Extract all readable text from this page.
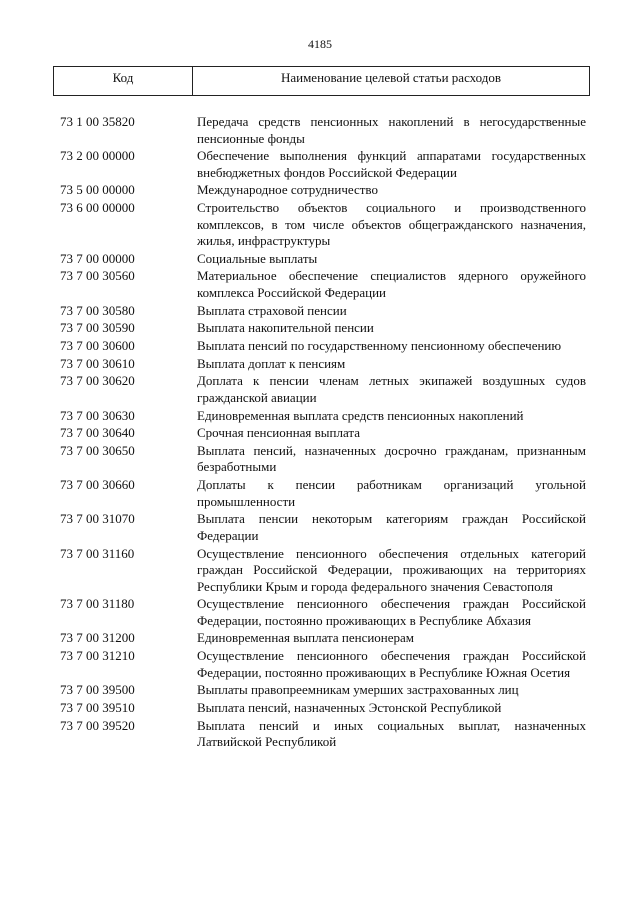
4185
Код	Наименование целевой статьи расходов
73 1 00 35820	Передача средств пенсионных накоплений в негосударственные пенсионные фонды
73 2 00 00000	Обеспечение выполнения функций аппаратами государственных внебюджетных фондов Российской Федерации
73 5 00 00000	Международное сотрудничество
73 6 00 00000	Строительство объектов социального и производственного комплексов, в том числе объектов общегражданского назначения, жилья, инфраструктуры
73 7 00 00000	Социальные выплаты
73 7 00 30560	Материальное обеспечение специалистов ядерного оружейного комплекса Российской Федерации
73 7 00 30580	Выплата страховой пенсии
73 7 00 30590	Выплата накопительной пенсии
73 7 00 30600	Выплата пенсий по государственному пенсионному обеспечению
73 7 00 30610	Выплата доплат к пенсиям
73 7 00 30620	Доплата к пенсии членам летных экипажей воздушных судов гражданской авиации
73 7 00 30630	Единовременная выплата средств пенсионных накоплений
73 7 00 30640	Срочная пенсионная выплата
73 7 00 30650	Выплата пенсий, назначенных досрочно гражданам, признанным безработными
73 7 00 30660	Доплаты к пенсии работникам организаций угольной промышленности
73 7 00 31070	Выплата пенсии некоторым категориям граждан Российской Федерации
73 7 00 31160	Осуществление пенсионного обеспечения отдельных категорий граждан Российской Федерации, проживающих на территориях Республики Крым и города федерального значения Севастополя
73 7 00 31180	Осуществление пенсионного обеспечения граждан Российской Федерации, постоянно проживающих в Республике Абхазия
73 7 00 31200	Единовременная выплата пенсионерам
73 7 00 31210	Осуществление пенсионного обеспечения граждан Российской Федерации, постоянно проживающих в Республике Южная Осетия
73 7 00 39500	Выплаты правопреемникам умерших застрахованных лиц
73 7 00 39510	Выплата пенсий, назначенных Эстонской Республикой
73 7 00 39520	Выплата пенсий и иных социальных выплат, назначенных Латвийской Республикой
